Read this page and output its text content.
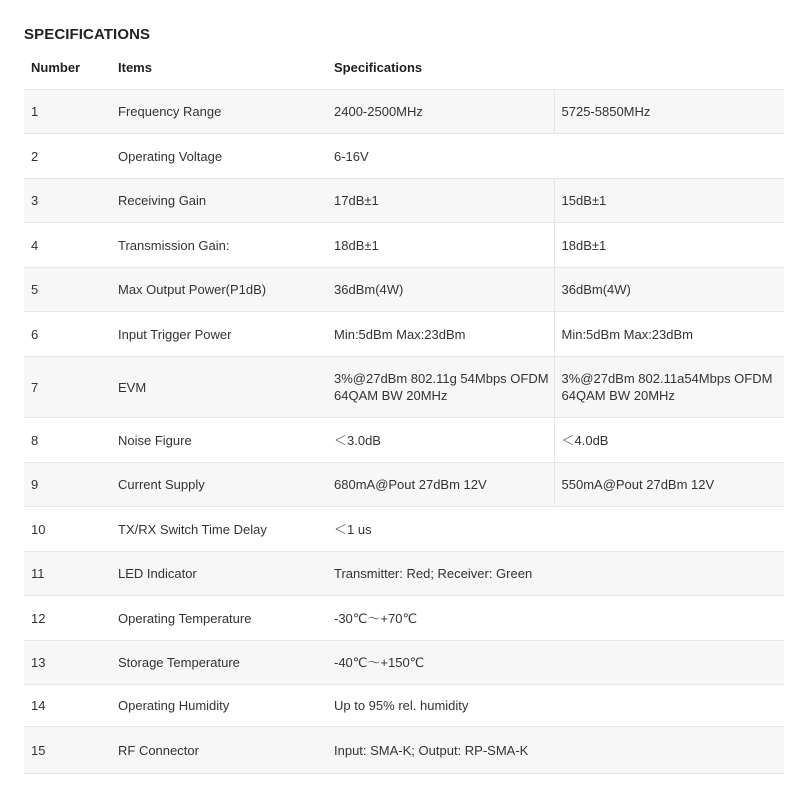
SPECIFICATIONS
Number	Items	Specifications	
1	Frequency Range	2400-2500MHz	5725-5850MHz
2	Operating Voltage	6-16V	
3	Receiving Gain	17dB±1	15dB±1
4	Transmission Gain:	18dB±1	18dB±1
5	Max Output Power(P1dB)	36dBm(4W)	36dBm(4W)
6	Input Trigger Power	Min:5dBm Max:23dBm	Min:5dBm Max:23dBm
7	EVM	3%@27dBm 802.11g 54Mbps OFDM 64QAM BW 20MHz	3%@27dBm 802.11a54Mbps OFDM 64QAM BW 20MHz
8	Noise Figure	＜3.0dB	＜4.0dB
9	Current Supply	680mA@Pout 27dBm 12V	550mA@Pout 27dBm 12V
10	TX/RX Switch Time Delay	＜1 us	
11	LED Indicator	Transmitter: Red; Receiver: Green	
12	Operating Temperature	-30℃～+70℃	
13	Storage Temperature	-40℃～+150℃	
14	Operating Humidity	Up to 95% rel. humidity	
15	RF Connector	Input: SMA-K; Output: RP-SMA-K	
